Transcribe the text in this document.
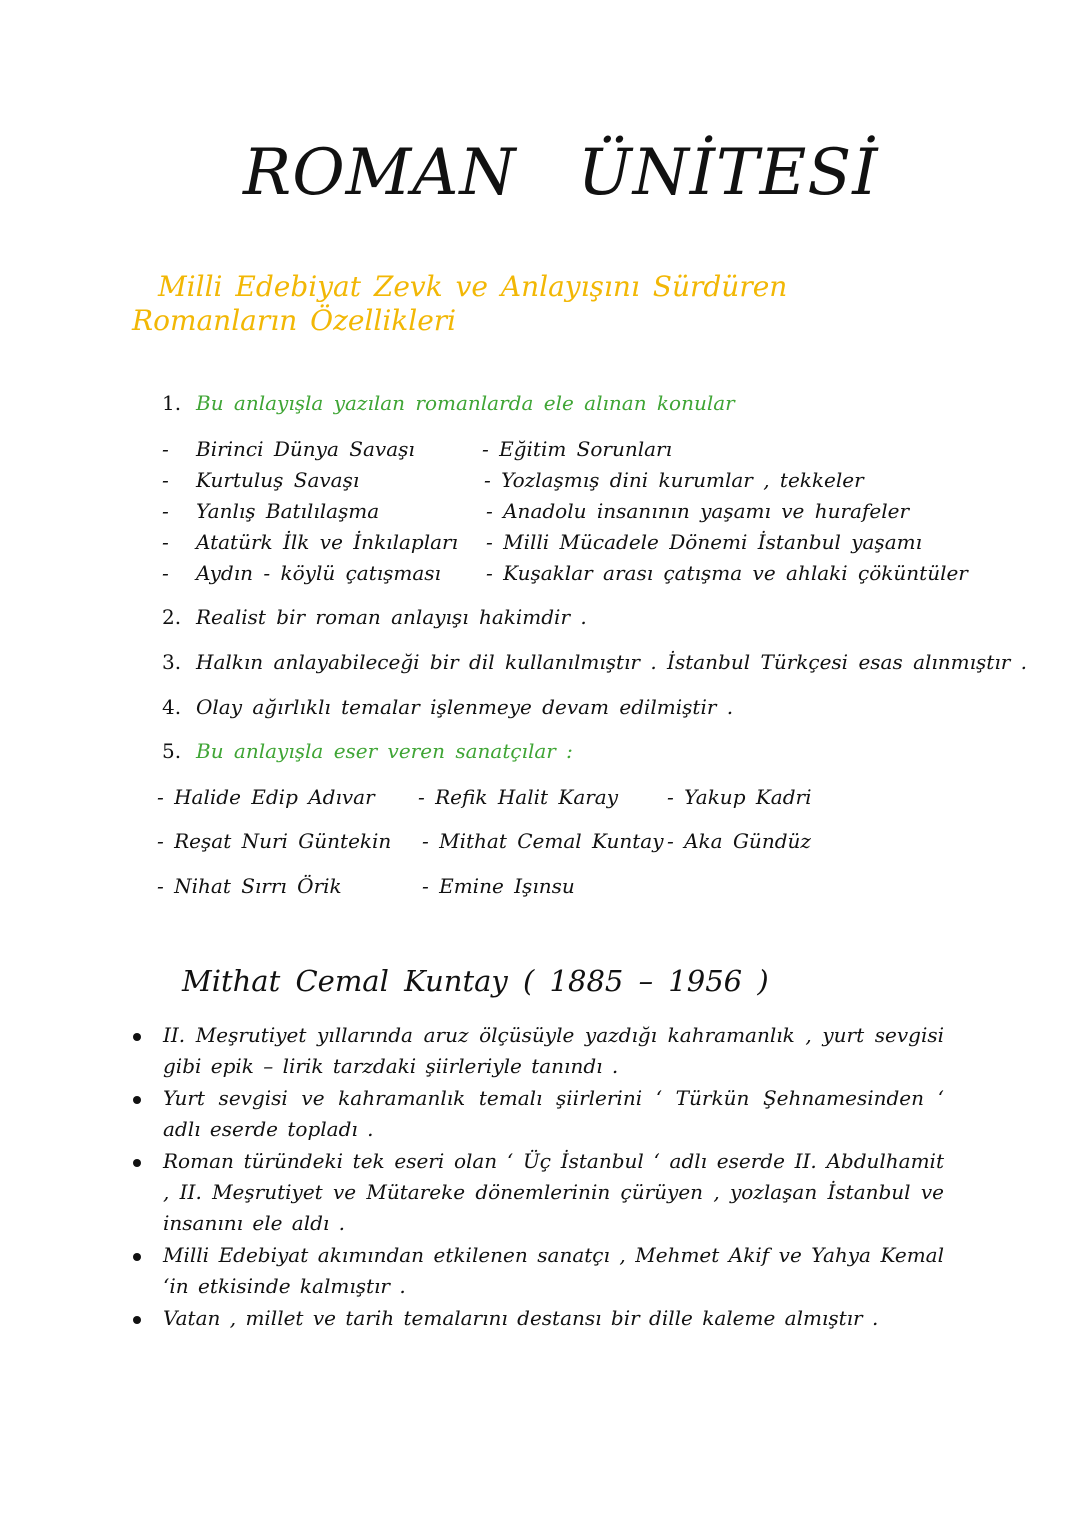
ROMAN ÜNİTESİ
Milli Edebiyat Zevk ve Anlayışını Sürdüren Romanların Özellikleri
1. Bu anlayışla yazılan romanlarda ele alınan konular
- Birinci Dünya Savaşı
- Kurtuluş Savaşı
- Yanlış Batılılaşma
- Atatürk İlk ve İnkılapları
- Aydın - köylü çatışması
- Eğitim Sorunları
- Yozlaşmış dini kurumlar , tekkeler
- Anadolu insanının yaşamı ve hurafeler
- Milli Mücadele Dönemi İstanbul yaşamı
- Kuşaklar arası çatışma ve ahlaki çöküntüler
2. Realist bir roman anlayışı hakimdir .
3. Halkın anlayabileceği bir dil kullanılmıştır . İstanbul Türkçesi esas alınmıştır .
4. Olay ağırlıklı temalar işlenmeye devam edilmiştir .
5. Bu anlayışla eser veren sanatçılar :
- Halide Edip Adıvar - Refik Halit Karay - Yakup Kadri
- Reşat Nuri Güntekin - Mithat Cemal Kuntay - Aka Gündüz
- Nihat Sırrı Örik	- Emine Işınsu
Mithat Cemal Kuntay ( 1885 – 1956 )
II. Meşrutiyet yıllarında aruz ölçüsüyle yazdığı kahramanlık , yurt sevgisi gibi epik – lirik tarzdaki şiirleriyle tanındı .
Yurt sevgisi ve kahramanlık temalı şiirlerini ‘ Türkün Şehnamesinden ‘ adlı eserde topladı .
Roman türündeki tek eseri olan ‘ Üç İstanbul ‘ adlı eserde II. Abdulhamit , II. Meşrutiyet ve Mütareke dönemlerinin çürüyen , yozlaşan İstanbul ve insanını ele aldı .
Milli Edebiyat akımından etkilenen sanatçı , Mehmet Akif ve Yahya Kemal ‘in etkisinde kalmıştır .
Vatan , millet ve tarih temalarını destansı bir dille kaleme almıştır .
